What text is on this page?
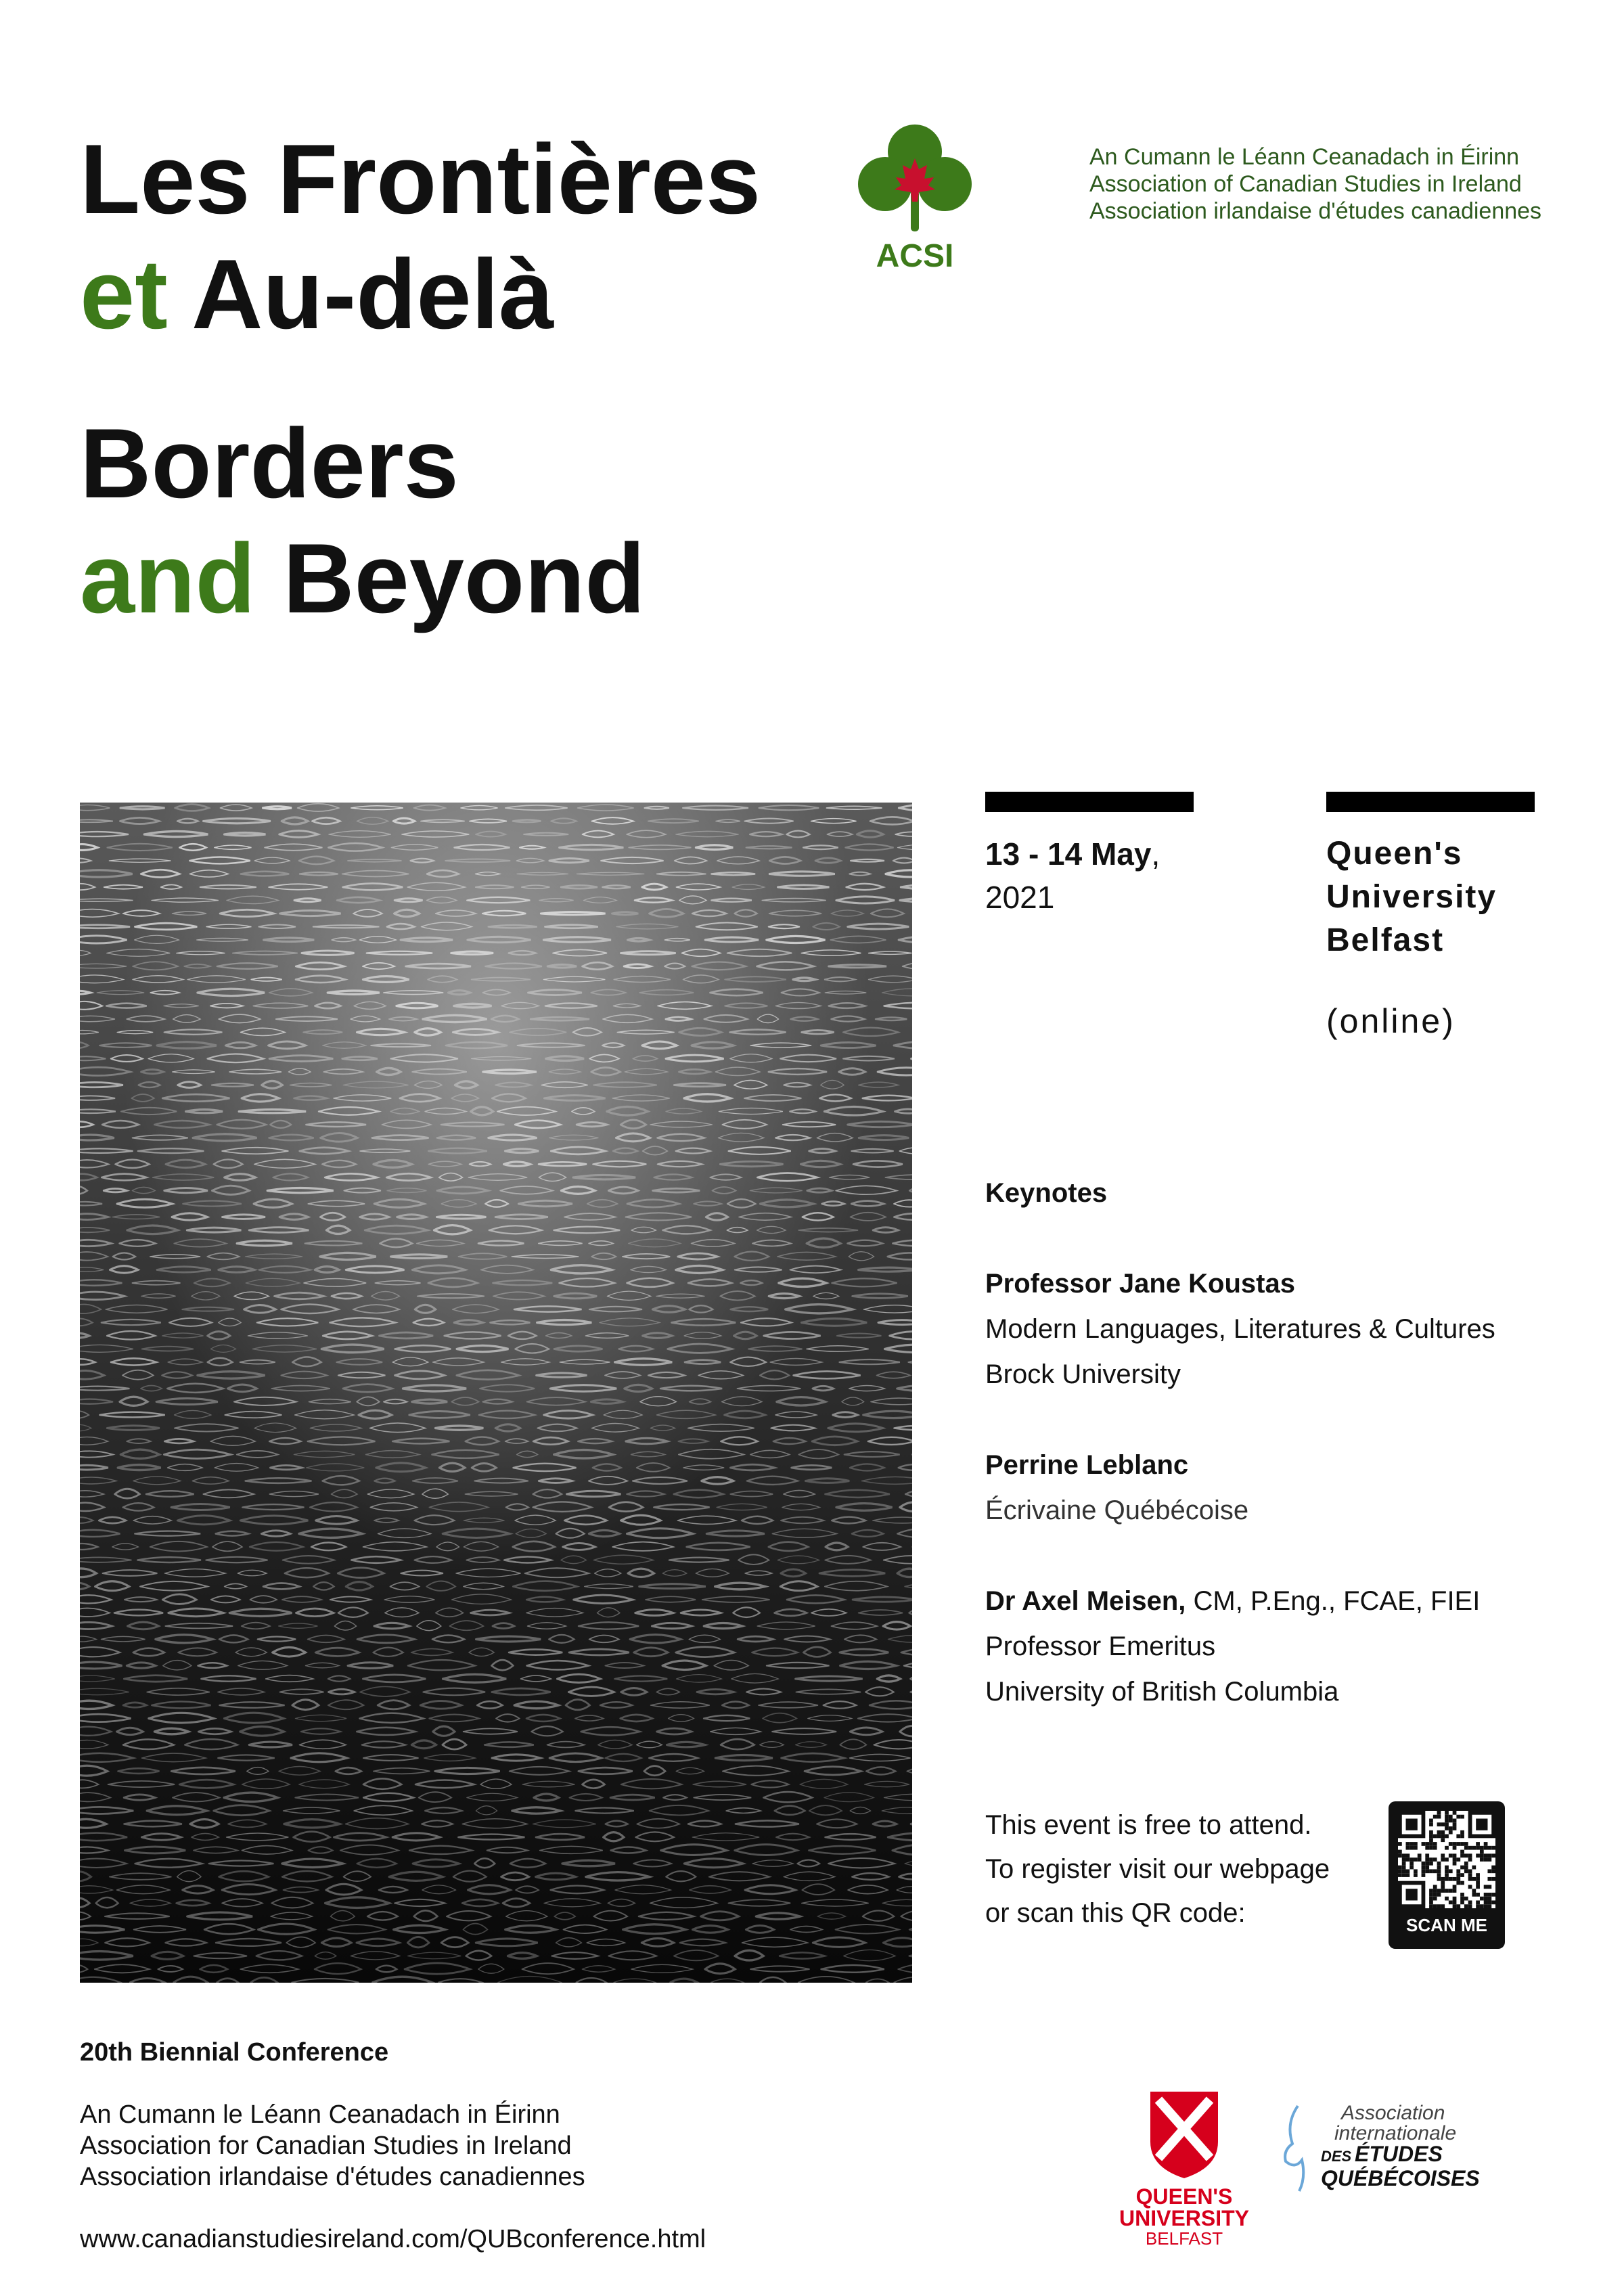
Les Frontières

et Au-delà

Borders

and Beyond

ACSI
An Cumann le Léann Ceanadach in Éirinn
Association of Canadian Studies in Ireland
Association irlandaise d'études canadiennes
13 - 14 May,
2021
Queen's
University
Belfast
(online)
Keynotes
Professor Jane Koustas
Modern Languages, Literatures & Cultures
Brock University
Perrine Leblanc
Écrivaine Québécoise
Dr Axel Meisen, CM, P.Eng., FCAE, FIEI
Professor Emeritus
University of British Columbia
This event is free to attend.
To register visit our webpage
or scan this QR code:	SCAN ME
20th Biennial Conference
An Cumann le Léann Ceanadach in Éirinn
Association for Canadian Studies in Ireland
Association irlandaise d'études canadiennes
www.canadianstudiesireland.com/QUBconference.html
QUEEN'S
UNIVERSITY
BELFAST
Association
internationale
DES ÉTUDES
QUÉBÉCOISES
